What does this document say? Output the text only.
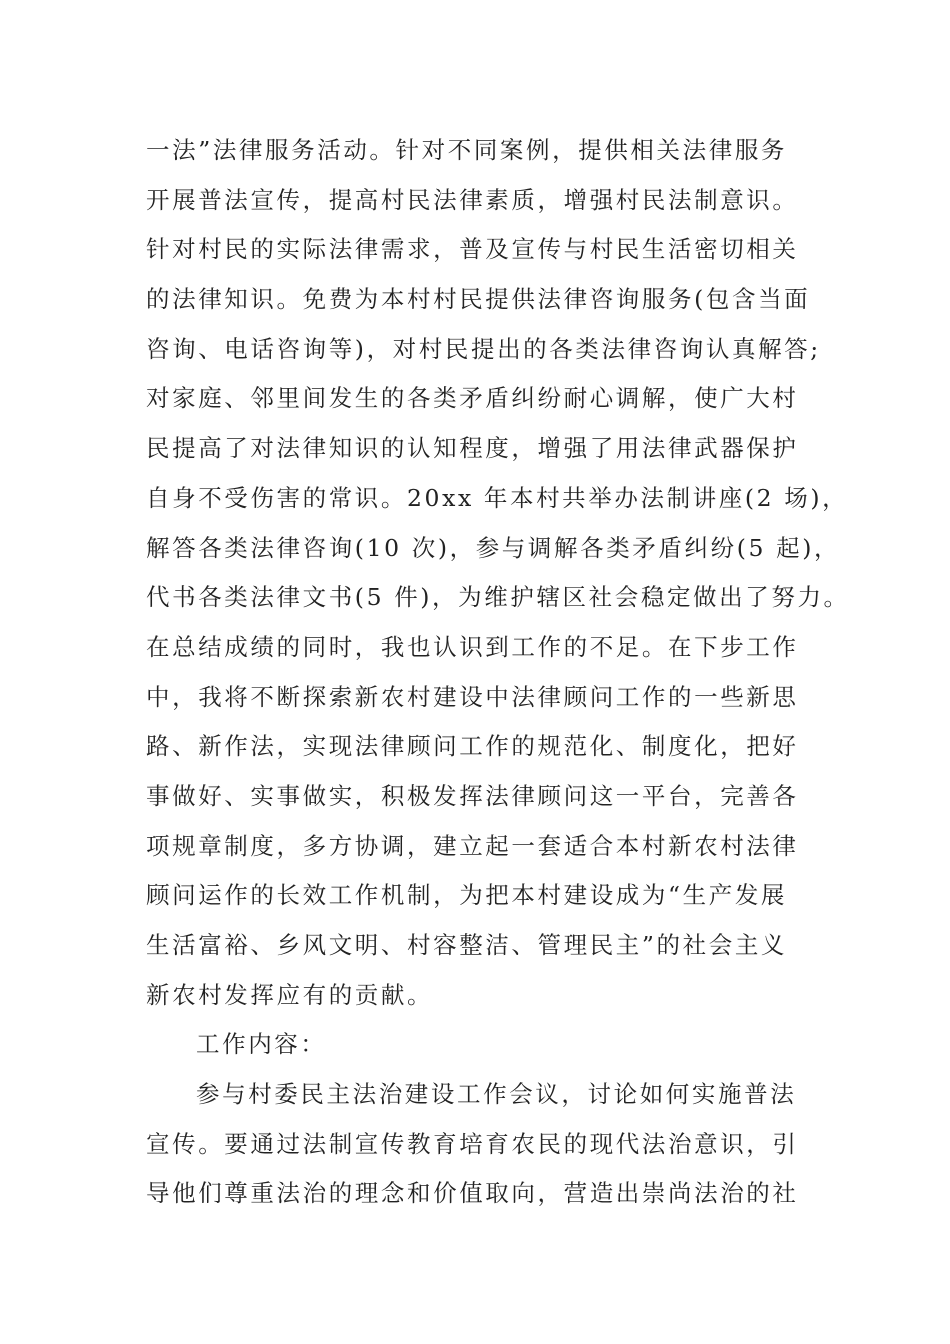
一法”法律服务活动。针对不同案例，提供相关法律服务
开展普法宣传，提高村民法律素质，增强村民法制意识。
针对村民的实际法律需求，普及宣传与村民生活密切相关
的法律知识。免费为本村村民提供法律咨询服务(包含当面
咨询、电话咨询等)，对村民提出的各类法律咨询认真解答;
对家庭、邻里间发生的各类矛盾纠纷耐心调解，使广大村
民提高了对法律知识的认知程度，增强了用法律武器保护
自身不受伤害的常识。20xx 年本村共举办法制讲座(2 场)，
解答各类法律咨询(10 次)，参与调解各类矛盾纠纷(5 起)，
代书各类法律文书(5 件)，为维护辖区社会稳定做出了努力。
在总结成绩的同时，我也认识到工作的不足。在下步工作
中，我将不断探索新农村建设中法律顾问工作的一些新思
路、新作法，实现法律顾问工作的规范化、制度化，把好
事做好、实事做实，积极发挥法律顾问这一平台，完善各
项规章制度，多方协调，建立起一套适合本村新农村法律
顾问运作的长效工作机制，为把本村建设成为“生产发展
生活富裕、乡风文明、村容整洁、管理民主”的社会主义
新农村发挥应有的贡献。
工作内容：
参与村委民主法治建设工作会议，讨论如何实施普法
宣传。要通过法制宣传教育培育农民的现代法治意识，引
导他们尊重法治的理念和价值取向，营造出崇尚法治的社
